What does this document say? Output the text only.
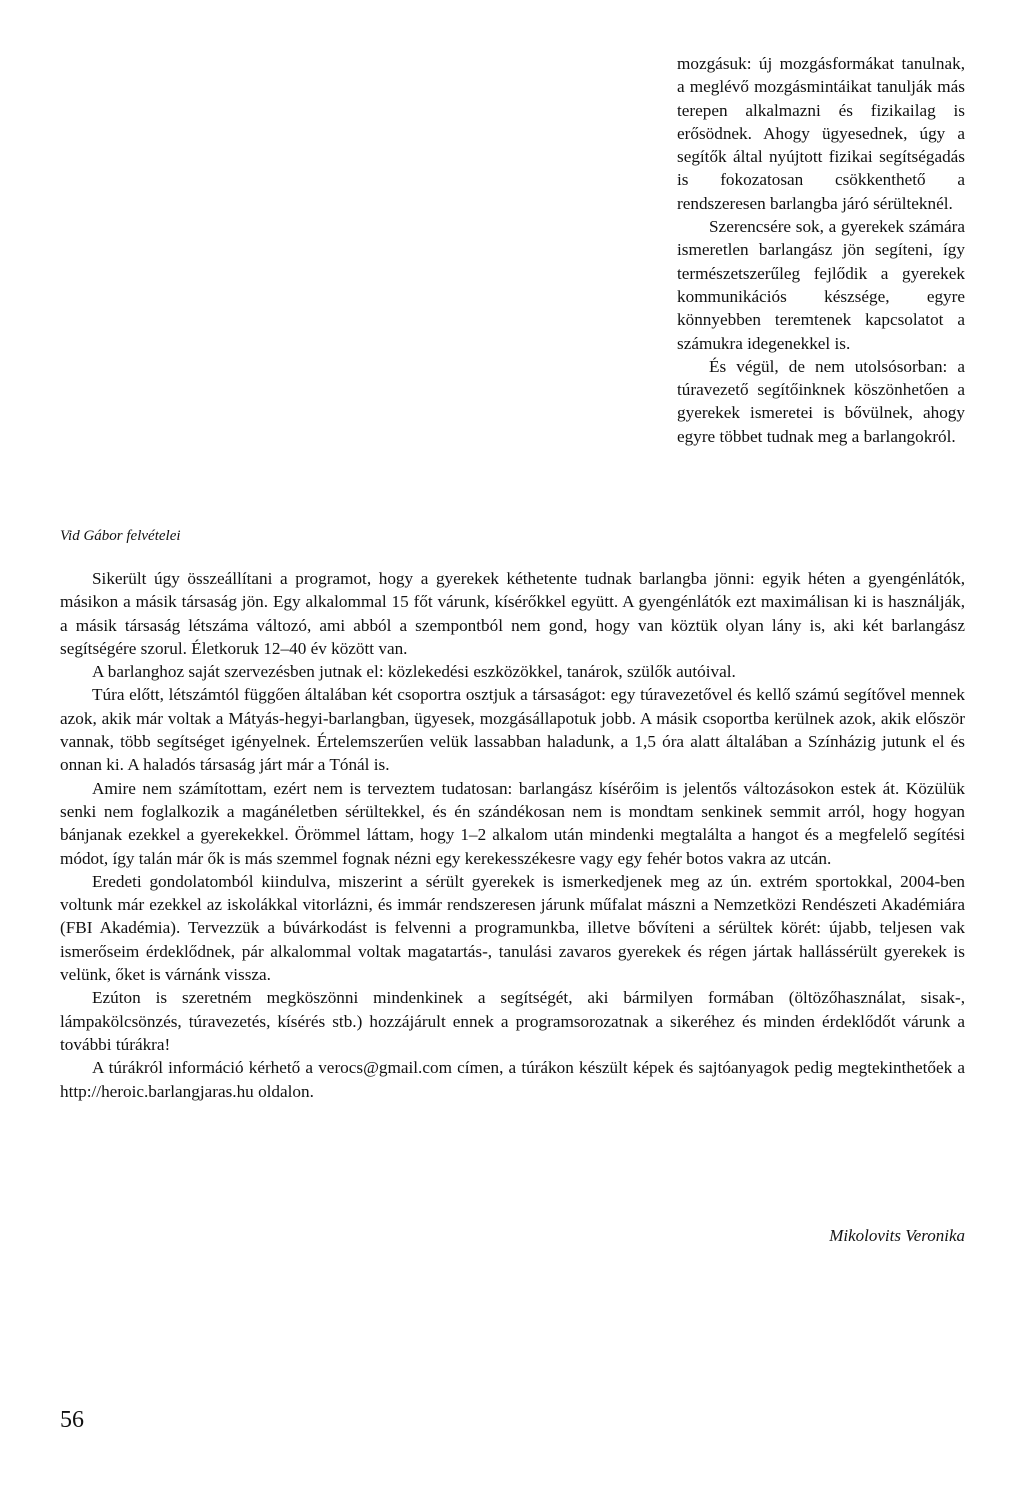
mozgásuk: új mozgásformákat tanulnak, a meglévő mozgásmintáikat tanulják más terepen alkalmazni és fizikailag is erősödnek. Ahogy ügyesednek, úgy a segítők által nyújtott fizikai segítségadás is fokozatosan csökkenthető a rendszeresen barlangba járó sérülteknél.

Szerencsére sok, a gyerekek számára ismeretlen barlangász jön segíteni, így természetszerűleg fejlődik a gyerekek kommunikációs készsége, egyre könnyebben teremtenek kapcsolatot a számukra idegenekkel is.

És végül, de nem utolsósorban: a túravezető segítőinknek köszönhetően a gyerekek ismeretei is bővülnek, ahogy egyre többet tudnak meg a barlangokról.

Vid Gábor felvételei

Sikerült úgy összeállítani a programot, hogy a gyerekek kéthetente tudnak barlangba jönni: egyik héten a gyengénlátók, másikon a másik társaság jön. Egy alkalommal 15 főt várunk, kísérőkkel együtt. A gyengénlátók ezt maximálisan ki is használják, a másik társaság létszáma változó, ami abból a szempontból nem gond, hogy van köztük olyan lány is, aki két barlangász segítségére szorul. Életkoruk 12–40 év között van.

A barlanghoz saját szervezésben jutnak el: közlekedési eszközökkel, tanárok, szülők autóival.

Túra előtt, létszámtól függően általában két csoportra osztjuk a társaságot: egy túravezetővel és kellő számú segítővel mennek azok, akik már voltak a Mátyás-hegyi-barlangban, ügyesek, mozgásállapotuk jobb. A másik csoportba kerülnek azok, akik először vannak, több segítséget igényelnek. Értelemszerűen velük lassabban haladunk, a 1,5 óra alatt általában a Színházig jutunk el és onnan ki. A haladós társaság járt már a Tónál is.

Amire nem számítottam, ezért nem is terveztem tudatosan: barlangász kísérőim is jelentős változásokon estek át. Közülük senki nem foglalkozik a magánéletben sérültekkel, és én szándékosan nem is mondtam senkinek semmit arról, hogy hogyan bánjanak ezekkel a gyerekekkel. Örömmel láttam, hogy 1–2 alkalom után mindenki megtalálta a hangot és a megfelelő segítési módot, így talán már ők is más szemmel fognak nézni egy kerekesszékesre vagy egy fehér botos vakra az utcán.

Eredeti gondolatomból kiindulva, miszerint a sérült gyerekek is ismerkedjenek meg az ún. extrém sportokkal, 2004-ben voltunk már ezekkel az iskolákkal vitorlázni, és immár rendszeresen járunk műfalat mászni a Nemzetközi Rendészeti Akadémiára (FBI Akadémia). Tervezzük a búvárkodást is felvenni a programunkba, illetve bővíteni a sérültek körét: újabb, teljesen vak ismerőseim érdeklődnek, pár alkalommal voltak magatartás-, tanulási zavaros gyerekek és régen jártak hallássérült gyerekek is velünk, őket is várnánk vissza.

Ezúton is szeretném megköszönni mindenkinek a segítségét, aki bármilyen formában (öltözőhasználat, sisak-, lámpakölcsönzés, túravezetés, kísérés stb.) hozzájárult ennek a programsorozatnak a sikeréhez és minden érdeklődőt várunk a további túrákra!

A túrákról információ kérhető a verocs@gmail.com címen, a túrákon készült képek és sajtóanyagok pedig megtekinthetőek a http://heroic.barlangjaras.hu oldalon.

Mikolovits Veronika
56
